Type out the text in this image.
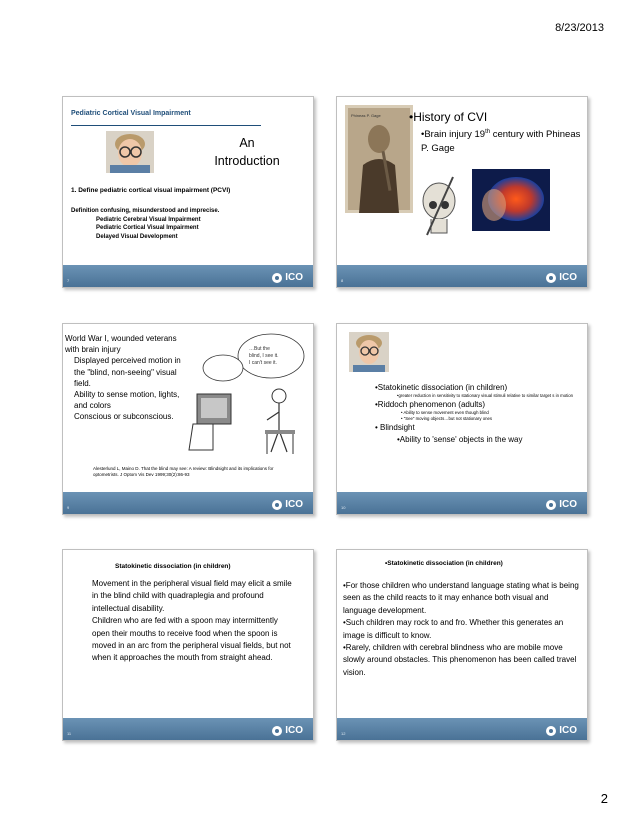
8/23/2013
Pediatric Cortical Visual Impairment
An
Introduction
1. Define pediatric cortical visual impairment (PCVI)
Definition confusing, misunderstood and imprecise.
Pediatric Cerebral Visual Impairment
Pediatric Cortical Visual Impairment
Delayed Visual Development
7	ICO
Phineas P. Gage •History of CVI
•Brain injury 19th century with Phineas P. Gage
8	ICO
World War I, wounded veterans with brain injury
Displayed perceived motion in the "blind, non-seeing" visual field.
Ability to sense motion, lights, and colors
Conscious or subconscious.
…But the
blind, I see it.
I can't see it.
Alesterlund L, Maino D. That the blind may see: A review: Blindsight and its implications for optometrists. J Optom Vis Dev 1999;30(2):86-93
9	ICO
•Statokinetic dissociation (in children)
•greater reduction in sensitivity to stationary visual stimuli relative to similar target s in motion
•Riddoch phenomenon (adults)
• Ability to sense movement even though blind
• "See" moving objects…but not stationary ones
• Blindsight
•Ability to 'sense' objects in the way
10	ICO
Statokinetic dissociation (in children)
Movement in the peripheral visual field may elicit a smile in the blind child with quadraplegia and profound intellectual disability.
Children who are fed with a spoon may intermittently open their mouths to receive food when the spoon is moved in an arc from the peripheral visual fields, but not when it approaches the mouth from straight ahead.
11	ICO
•Statokinetic dissociation (in children)
•For those children who understand language stating what is being seen as the child reacts to it may enhance both visual and language development.
•Such children may rock to and fro. Whether this generates an image is difficult to know.
•Rarely, children with cerebral blindness who are mobile move slowly around obstacles. This phenomenon has been called travel vision.
12	ICO
2
